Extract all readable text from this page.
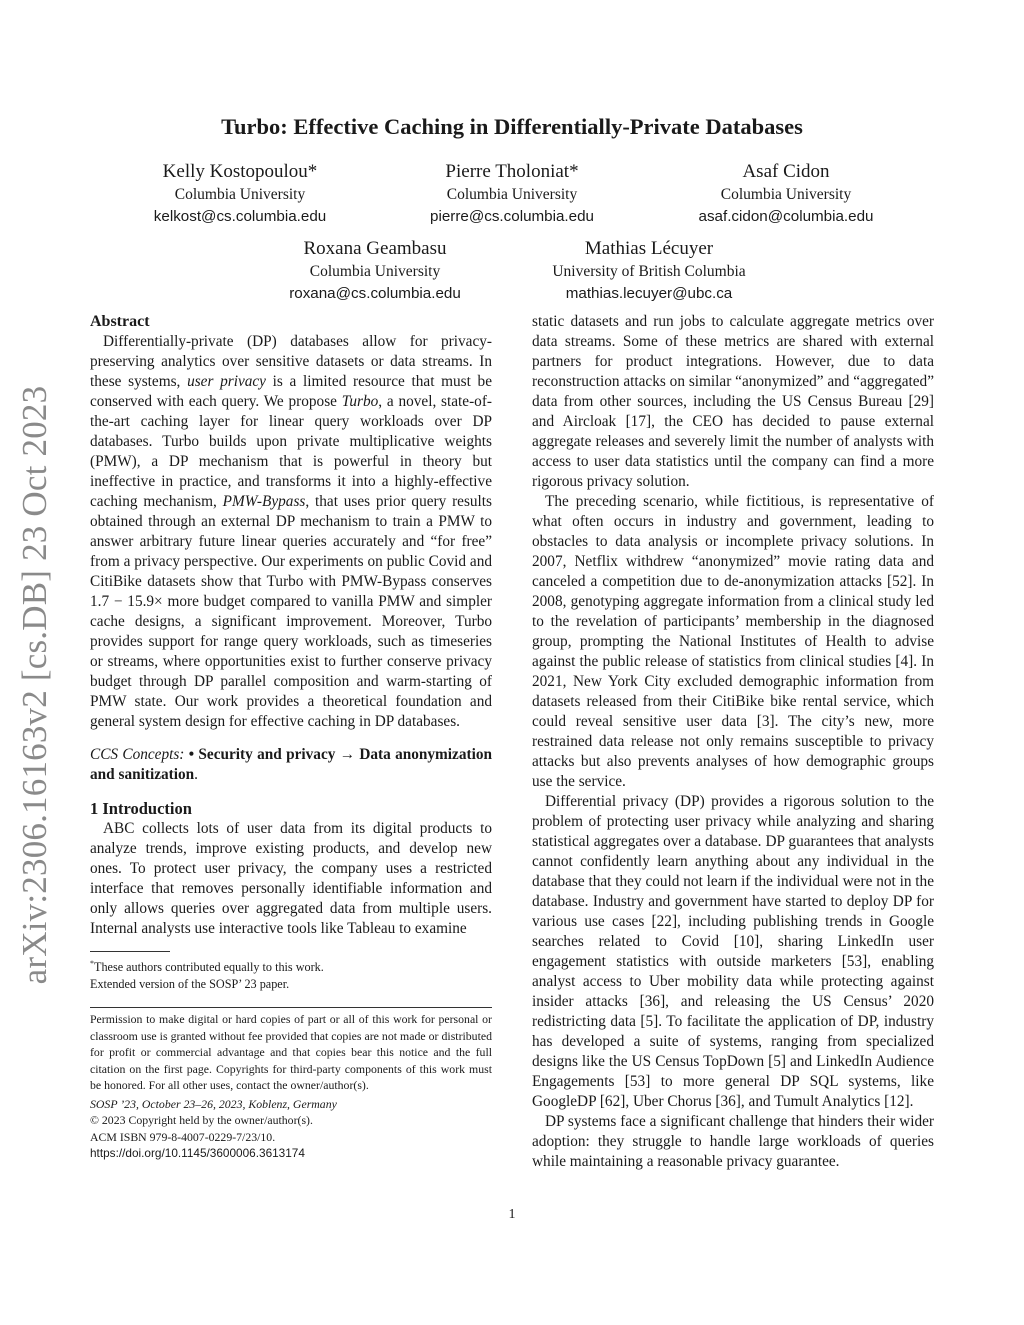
arXiv:2306.16163v2 [cs.DB] 23 Oct 2023
Turbo: Effective Caching in Differentially-Private Databases
Kelly Kostopoulou*
Columbia University
kelkost@cs.columbia.edu
Pierre Tholoniat*
Columbia University
pierre@cs.columbia.edu
Asaf Cidon
Columbia University
asaf.cidon@columbia.edu
Roxana Geambasu
Columbia University
roxana@cs.columbia.edu
Mathias Lécuyer
University of British Columbia
mathias.lecuyer@ubc.ca
Abstract

Differentially-private (DP) databases allow for privacy-preserving analytics over sensitive datasets or data streams. In these systems, user privacy is a limited resource that must be conserved with each query. We propose Turbo, a novel, state-of-the-art caching layer for linear query workloads over DP databases. Turbo builds upon private multiplicative weights (PMW), a DP mechanism that is powerful in theory but ineffective in practice, and transforms it into a highly-effective caching mechanism, PMW-Bypass, that uses prior query results obtained through an external DP mechanism to train a PMW to answer arbitrary future linear queries accurately and “for free” from a privacy perspective. Our experiments on public Covid and CitiBike datasets show that Turbo with PMW-Bypass conserves 1.7 − 15.9× more budget compared to vanilla PMW and simpler cache designs, a significant improvement. Moreover, Turbo provides support for range query workloads, such as timeseries or streams, where opportunities exist to further conserve privacy budget through DP parallel composition and warm-starting of PMW state. Our work provides a theoretical foundation and general system design for effective caching in DP databases.

CCS Concepts: • Security and privacy → Data anonymization and sanitization.

1 Introduction

ABC collects lots of user data from its digital products to analyze trends, improve existing products, and develop new ones. To protect user privacy, the company uses a restricted interface that removes personally identifiable information and only allows queries over aggregated data from multiple users. Internal analysts use interactive tools like Tableau to examine

*These authors contributed equally to this work.
Extended version of the SOSP’ 23 paper.
Permission to make digital or hard copies of part or all of this work for personal or classroom use is granted without fee provided that copies are not made or distributed for profit or commercial advantage and that copies bear this notice and the full citation on the first page. Copyrights for third-party components of this work must be honored. For all other uses, contact the owner/author(s).
SOSP ’23, October 23–26, 2023, Koblenz, Germany
© 2023 Copyright held by the owner/author(s).
ACM ISBN 979-8-4007-0229-7/23/10.
https://doi.org/10.1145/3600006.3613174

static datasets and run jobs to calculate aggregate metrics over data streams. Some of these metrics are shared with external partners for product integrations. However, due to data reconstruction attacks on similar “anonymized” and “aggregated” data from other sources, including the US Census Bureau [29] and Aircloak [17], the CEO has decided to pause external aggregate releases and severely limit the number of analysts with access to user data statistics until the company can find a more rigorous privacy solution.

The preceding scenario, while fictitious, is representative of what often occurs in industry and government, leading to obstacles to data analysis or incomplete privacy solutions. In 2007, Netflix withdrew “anonymized” movie rating data and canceled a competition due to de-anonymization attacks [52]. In 2008, genotyping aggregate information from a clinical study led to the revelation of participants’ membership in the diagnosed group, prompting the National Institutes of Health to advise against the public release of statistics from clinical studies [4]. In 2021, New York City excluded demographic information from datasets released from their CitiBike bike rental service, which could reveal sensitive user data [3]. The city’s new, more restrained data release not only remains susceptible to privacy attacks but also prevents analyses of how demographic groups use the service.

Differential privacy (DP) provides a rigorous solution to the problem of protecting user privacy while analyzing and sharing statistical aggregates over a database. DP guarantees that analysts cannot confidently learn anything about any individual in the database that they could not learn if the individual were not in the database. Industry and government have started to deploy DP for various use cases [22], including publishing trends in Google searches related to Covid [10], sharing LinkedIn user engagement statistics with outside marketers [53], enabling analyst access to Uber mobility data while protecting against insider attacks [36], and releasing the US Census’ 2020 redistricting data [5]. To facilitate the application of DP, industry has developed a suite of systems, ranging from specialized designs like the US Census TopDown [5] and LinkedIn Audience Engagements [53] to more general DP SQL systems, like GoogleDP [62], Uber Chorus [36], and Tumult Analytics [12].

DP systems face a significant challenge that hinders their wider adoption: they struggle to handle large workloads of queries while maintaining a reasonable privacy guarantee.

1
